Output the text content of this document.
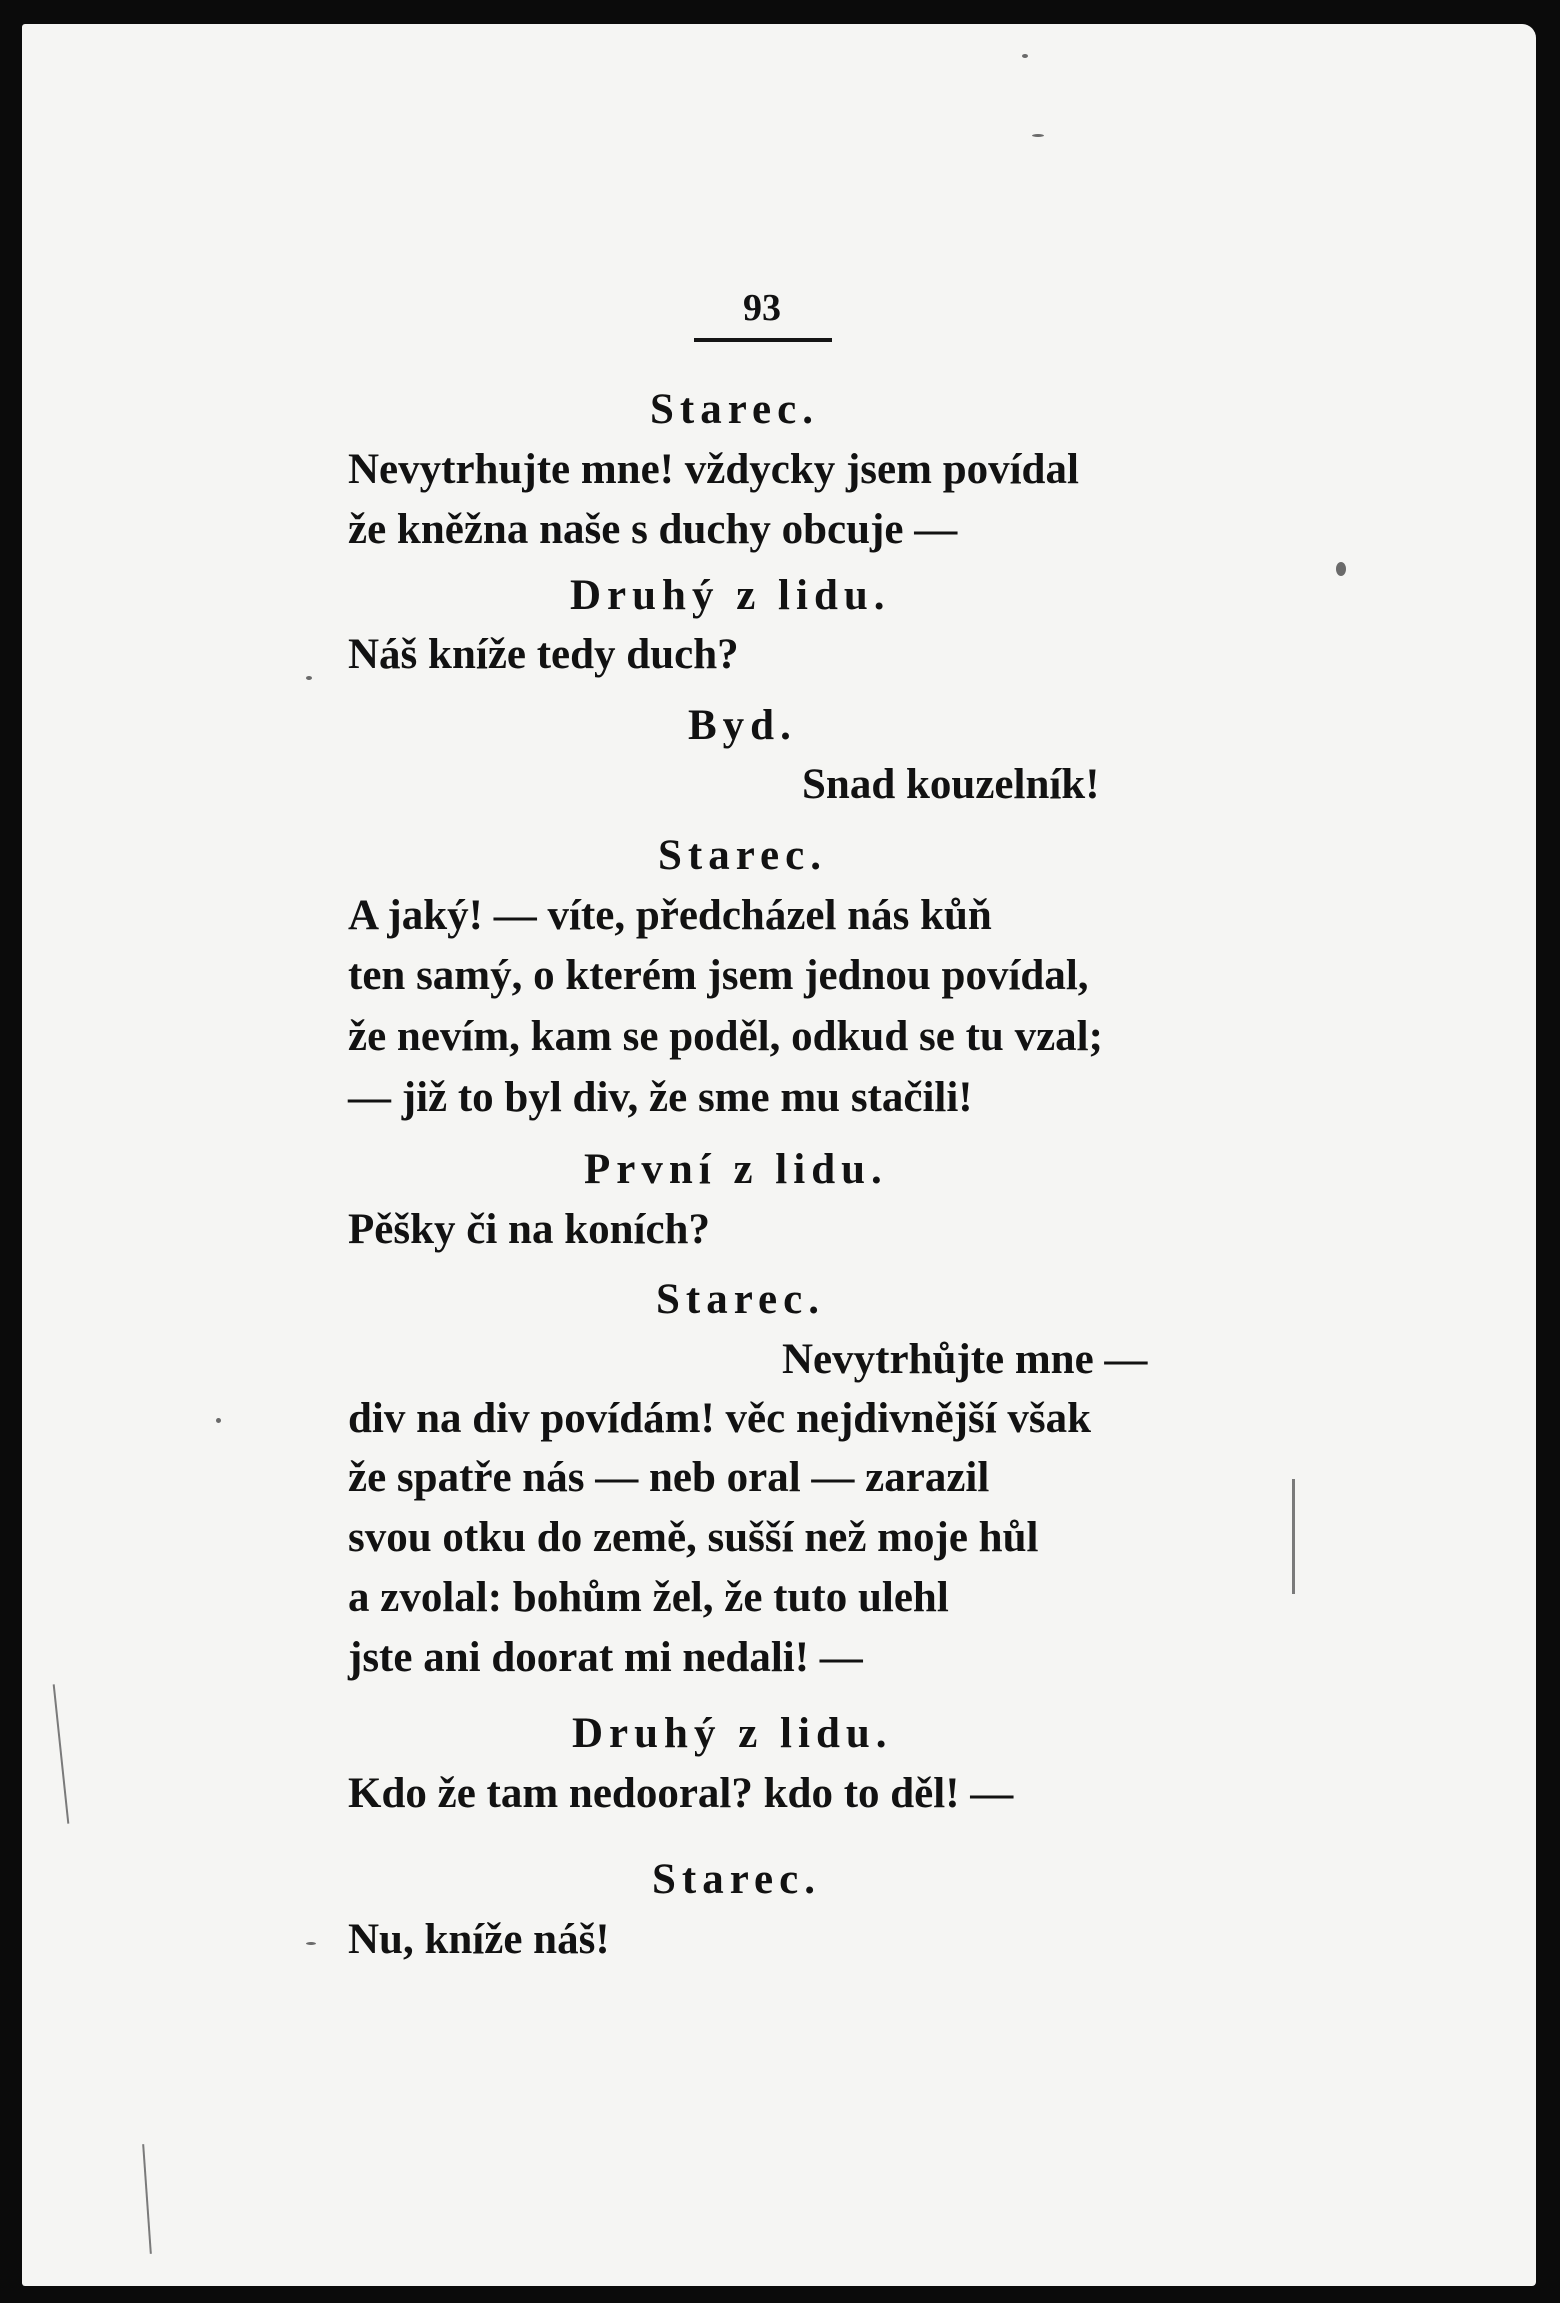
93
Starec.
Nevytrhujte mne! vždycky jsem povídal
že kněžna naše s duchy obcuje —
Druhý z lidu.
Náš kníže tedy duch?
Byd.
Snad kouzelník!
Starec.
A jaký! — víte, předcházel nás kůň
ten samý, o kterém jsem jednou povídal,
že nevím, kam se poděl, odkud se tu vzal;
— již to byl div, že sme mu stačili!
První z lidu.
Pěšky či na koních?
Starec.
Nevytrhůjte mne —
div na div povídám! věc nejdivnější však
že spatře nás — neb oral — zarazil
svou otku do země, sušší než moje hůl
a zvolal: bohům žel, že tuto ulehl
jste ani doorat mi nedali! —
Druhý z lidu.
Kdo že tam nedooral? kdo to děl! —
Starec.
Nu, kníže náš!
